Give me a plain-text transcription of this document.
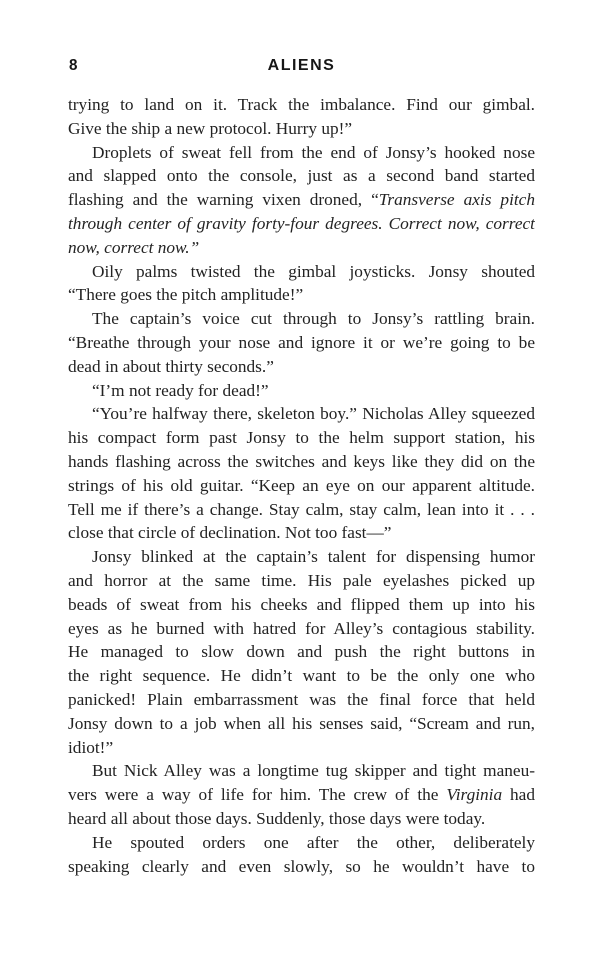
8	ALIENS
trying to land on it. Track the imbalance. Find our gimbal.
Give the ship a new protocol. Hurry up!”
Droplets of sweat fell from the end of Jonsy’s hooked nose
and slapped onto the console, just as a second band started
flashing and the warning vixen droned, “Transverse axis pitch
through center of gravity forty-four degrees. Correct now, correct
now, correct now.”
Oily palms twisted the gimbal joysticks. Jonsy shouted
“There goes the pitch amplitude!”
The captain’s voice cut through to Jonsy’s rattling brain.
“Breathe through your nose and ignore it or we’re going to be
dead in about thirty seconds.”
“I’m not ready for dead!”
“You’re halfway there, skeleton boy.” Nicholas Alley squeezed
his compact form past Jonsy to the helm support station, his
hands flashing across the switches and keys like they did on the
strings of his old guitar. “Keep an eye on our apparent altitude.
Tell me if there’s a change. Stay calm, stay calm, lean into it . . .
close that circle of declination. Not too fast—”
Jonsy blinked at the captain’s talent for dispensing humor
and horror at the same time. His pale eyelashes picked up
beads of sweat from his cheeks and flipped them up into his
eyes as he burned with hatred for Alley’s contagious stability.
He managed to slow down and push the right buttons in
the right sequence. He didn’t want to be the only one who
panicked! Plain embarrassment was the final force that held
Jonsy down to a job when all his senses said, “Scream and run,
idiot!”
But Nick Alley was a longtime tug skipper and tight maneu-
vers were a way of life for him. The crew of the Virginia had
heard all about those days. Suddenly, those days were today.
He spouted orders one after the other, deliberately
speaking clearly and even slowly, so he wouldn’t have to
